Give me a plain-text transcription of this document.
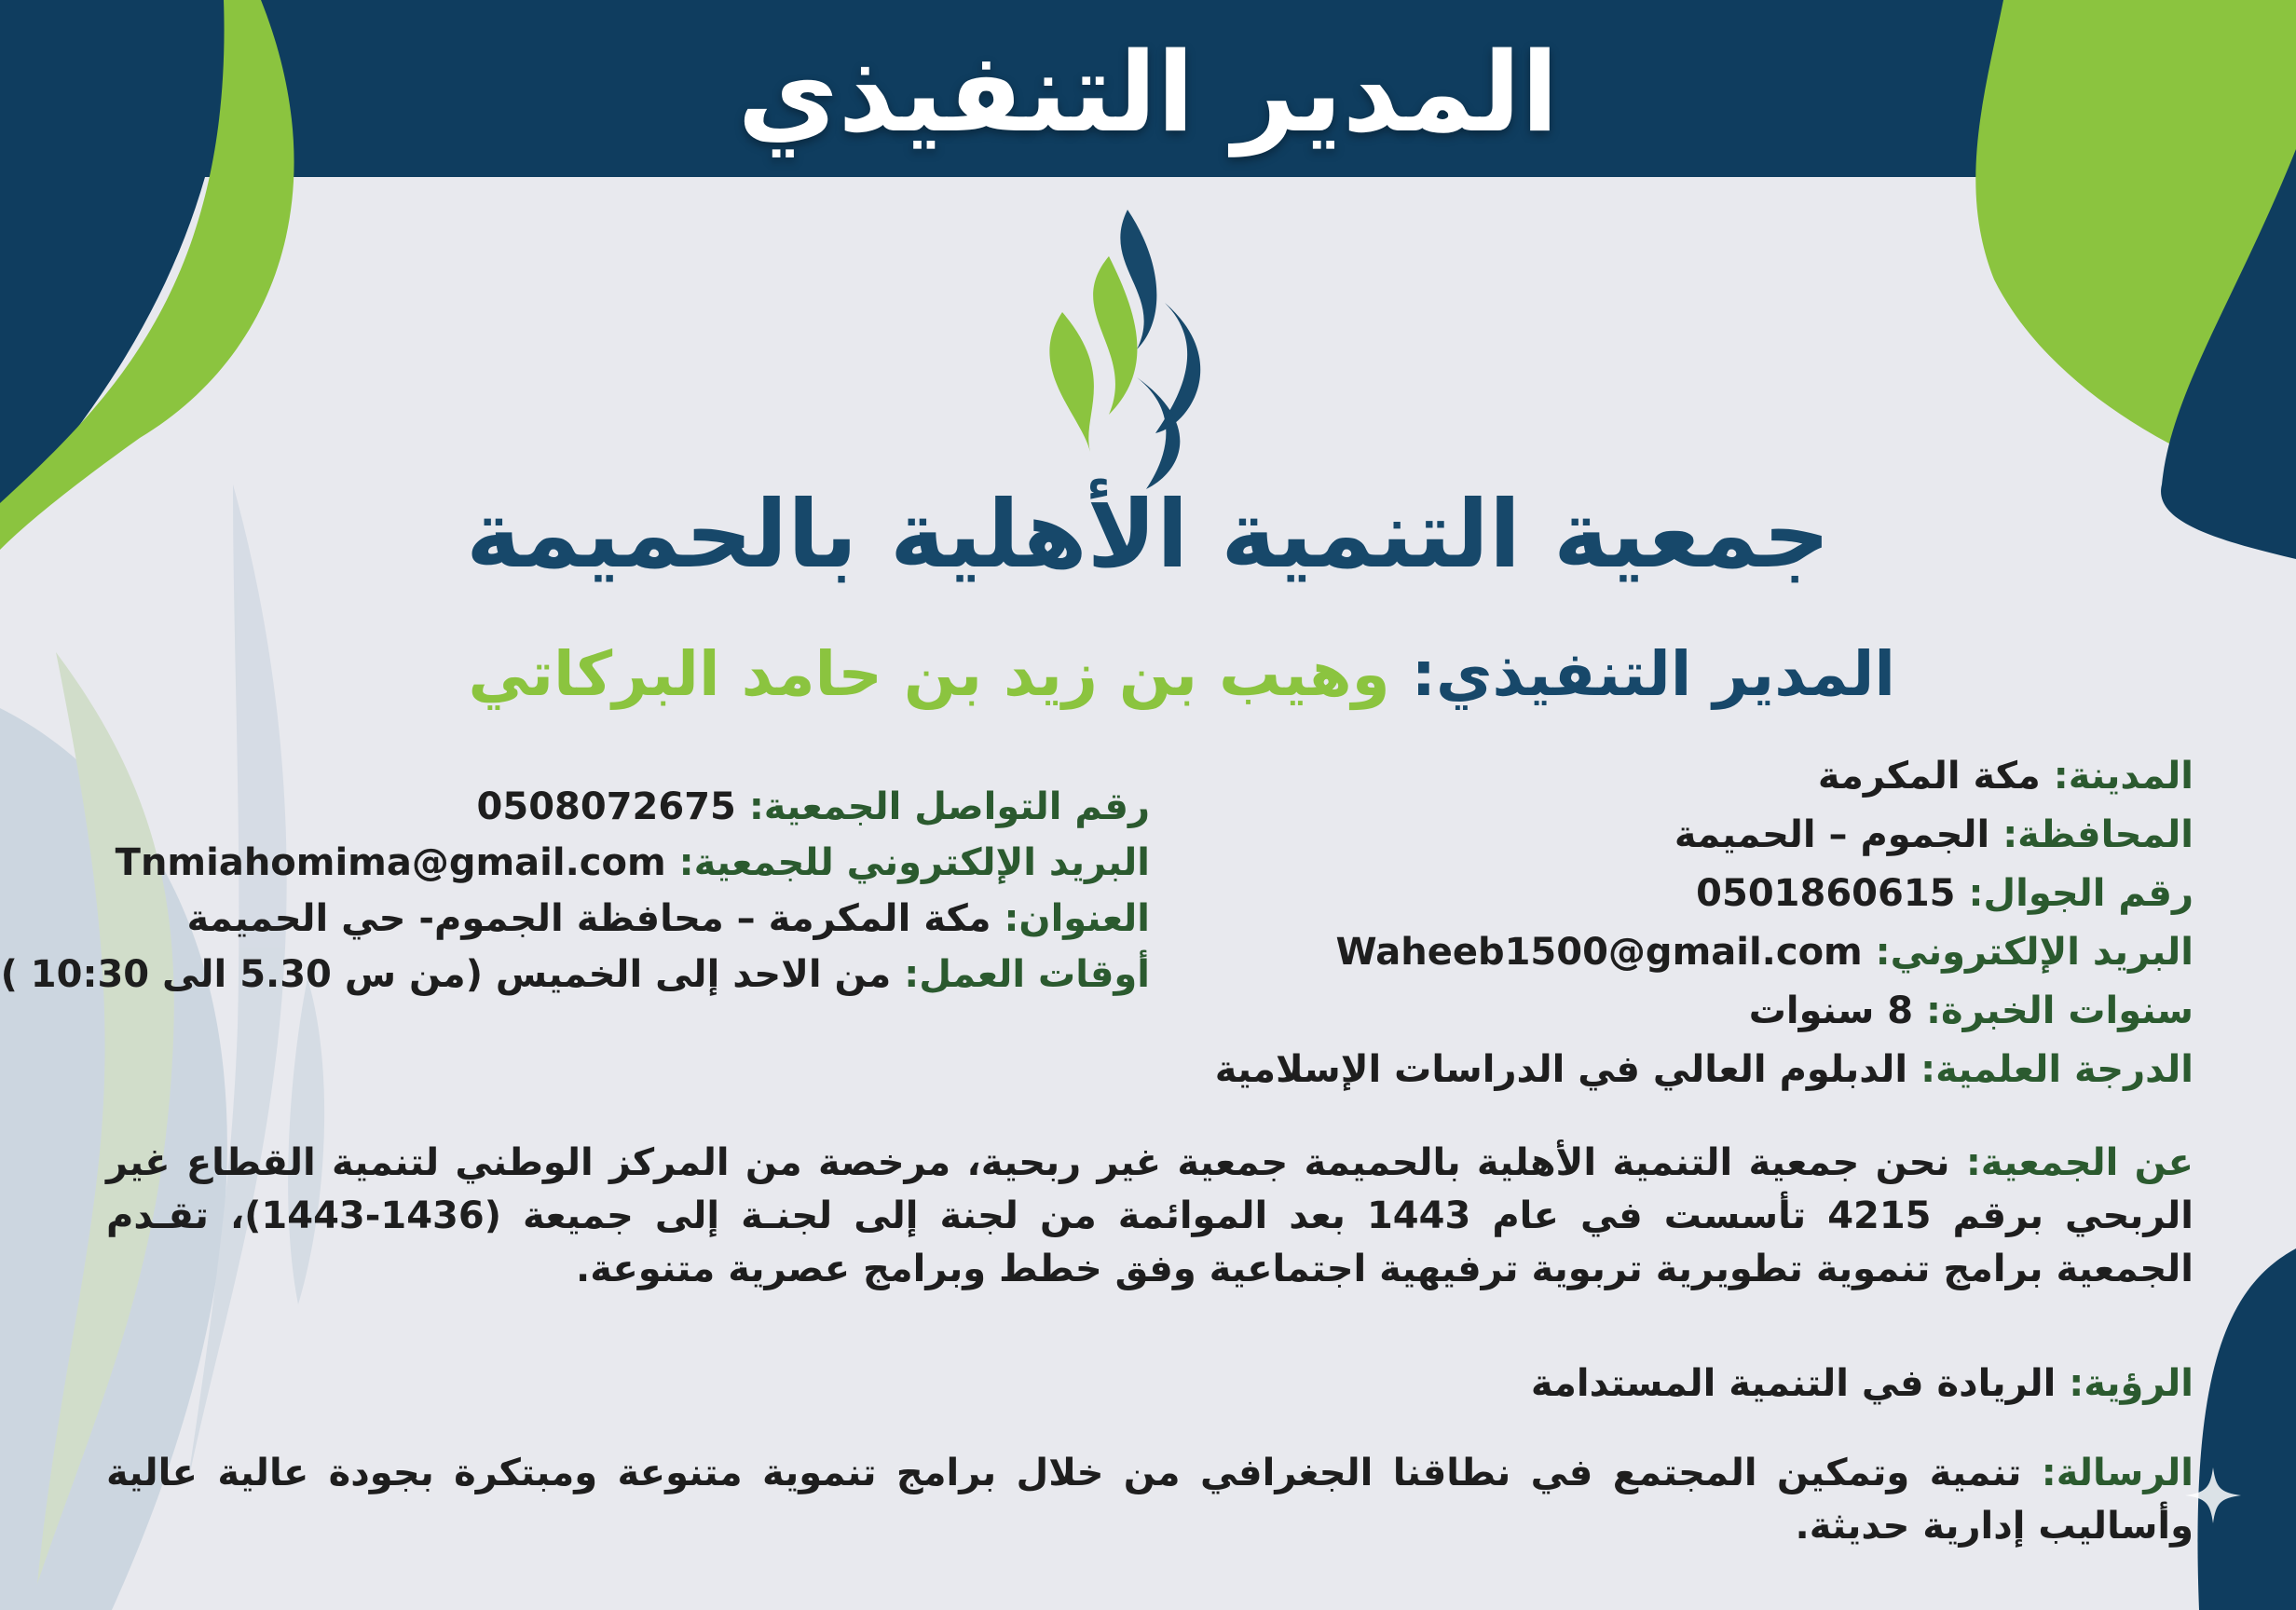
المدير التنفيذي
جمعية التنمية الأهلية بالحميمة
المدير التنفيذي: وهيب بن زيد بن حامد البركاتي
المدينة: مكة المكرمة
المحافظة: الجموم – الحميمة
رقم الجوال: 0501860615
البريد الإلكتروني: Waheeb1500@gmail.com
سنوات الخبرة: 8 سنوات
الدرجة العلمية: الدبلوم العالي في الدراسات الإسلامية
رقم التواصل الجمعية: 0508072675
البريد الإلكتروني للجمعية: Tnmiahomima@gmail.com
العنوان: مكة المكرمة – محافظة الجموم- حي الحميمة
أوقات العمل: من الاحد إلى الخميس (من س 5.30 الى 10:30 )
عن الجمعية: نحن جمعية التنمية الأهلية بالحميمة جمعية غير ربحية، مرخصة من المركز الوطني لتنمية القطاع غير الربحي برقم 4215 تأسست في عام 1443 بعد الموائمة من لجنة إلى لجنـة إلى جميعة (1436-1443)، تقـدم الجمعية برامج تنموية تطويرية تربوية ترفيهية اجتماعية وفق خطط وبرامج عصرية متنوعة.
الرؤية: الريادة في التنمية المستدامة
الرسالة: تنمية وتمكين المجتمع في نطاقنا الجغرافي من خلال برامج تنموية متنوعة ومبتكرة بجودة عالية عالية وأساليب إدارية حديثة.
